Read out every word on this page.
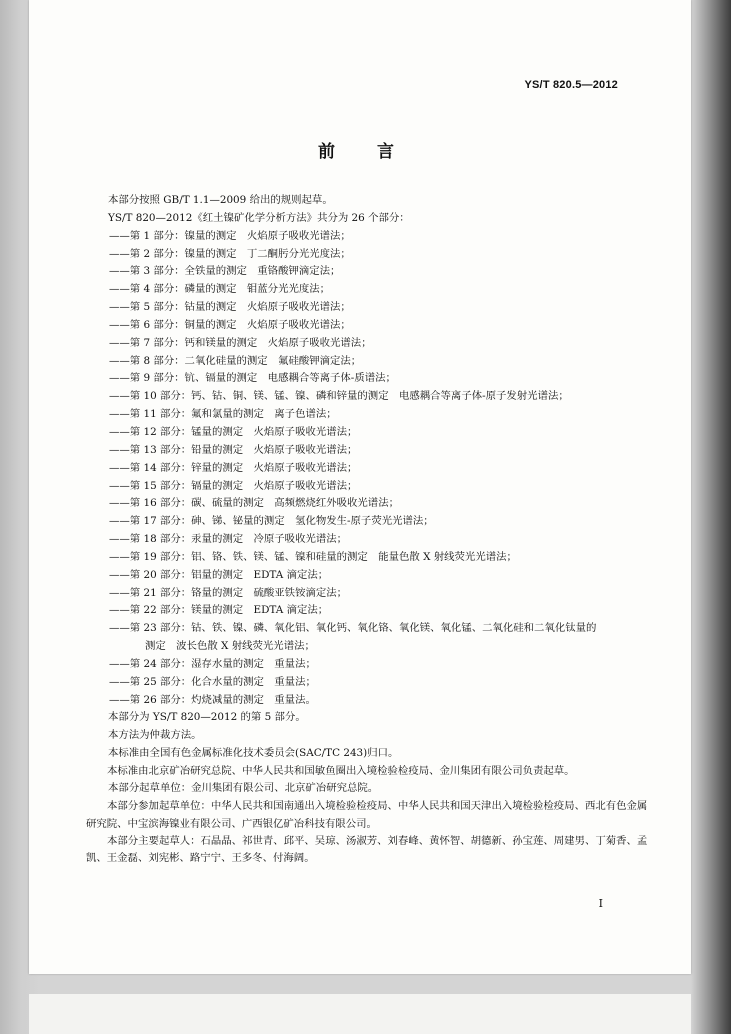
YS/T 820.5—2012
前 言
本部分按照 GB/T 1.1—2009 给出的规则起草。
YS/T 820—2012《红土镍矿化学分析方法》共分为 26 个部分：
——第 1 部分：镍量的测定　火焰原子吸收光谱法；
——第 2 部分：镍量的测定　丁二酮肟分光光度法；
——第 3 部分：全铁量的测定　重铬酸钾滴定法；
——第 4 部分：磷量的测定　钼蓝分光光度法；
——第 5 部分：钴量的测定　火焰原子吸收光谱法；
——第 6 部分：铜量的测定　火焰原子吸收光谱法；
——第 7 部分：钙和镁量的测定　火焰原子吸收光谱法；
——第 8 部分：二氧化硅量的测定　氟硅酸钾滴定法；
——第 9 部分：钪、镉量的测定　电感耦合等离子体-质谱法；
——第 10 部分：钙、钴、铜、镁、锰、镍、磷和锌量的测定　电感耦合等离子体-原子发射光谱法；
——第 11 部分：氟和氯量的测定　离子色谱法；
——第 12 部分：锰量的测定　火焰原子吸收光谱法；
——第 13 部分：铅量的测定　火焰原子吸收光谱法；
——第 14 部分：锌量的测定　火焰原子吸收光谱法；
——第 15 部分：镉量的测定　火焰原子吸收光谱法；
——第 16 部分：碳、硫量的测定　高频燃烧红外吸收光谱法；
——第 17 部分：砷、锑、铋量的测定　氢化物发生-原子荧光光谱法；
——第 18 部分：汞量的测定　冷原子吸收光谱法；
——第 19 部分：铝、铬、铁、镁、锰、镍和硅量的测定　能量色散 X 射线荧光光谱法；
——第 20 部分：铝量的测定　EDTA 滴定法；
——第 21 部分：铬量的测定　硫酸亚铁铵滴定法；
——第 22 部分：镁量的测定　EDTA 滴定法；
——第 23 部分：钴、铁、镍、磷、氧化铝、氧化钙、氧化铬、氧化镁、氧化锰、二氧化硅和二氧化钛量的
测定　波长色散 X 射线荧光光谱法；
——第 24 部分：湿存水量的测定　重量法；
——第 25 部分：化合水量的测定　重量法；
——第 26 部分：灼烧减量的测定　重量法。
本部分为 YS/T 820—2012 的第 5 部分。
本方法为仲裁方法。
本标准由全国有色金属标准化技术委员会(SAC/TC 243)归口。
本标准由北京矿冶研究总院、中华人民共和国敏鱼圈出入境检验检疫局、金川集团有限公司负责起草。
本部分起草单位：金川集团有限公司、北京矿冶研究总院。
本部分参加起草单位：中华人民共和国南通出入境检验检疫局、中华人民共和国天津出入境检验检疫局、西北有色金属研究院、中宝滨海镍业有限公司、广西银亿矿冶科技有限公司。
本部分主要起草人：石晶晶、祁世青、邱平、吴琼、汤淑芳、刘春峰、黄怀智、胡德新、孙宝莲、周建男、丁菊香、孟凯、王金磊、刘宪彬、路宁宁、王多冬、付海阔。
I
